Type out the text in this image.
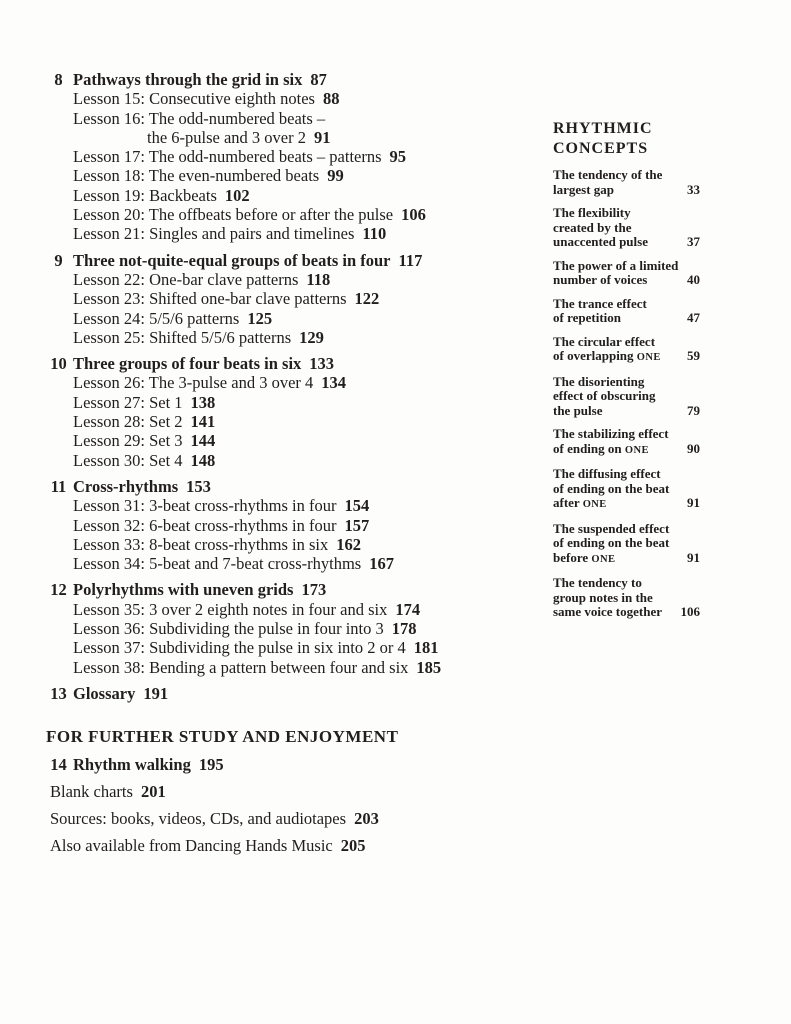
8 Pathways through the grid in six 87
Lesson 15: Consecutive eighth notes 88
Lesson 16: The odd-numbered beats –
the 6-pulse and 3 over 2 91
Lesson 17: The odd-numbered beats – patterns 95
Lesson 18: The even-numbered beats 99
Lesson 19: Backbeats 102
Lesson 20: The offbeats before or after the pulse 106
Lesson 21: Singles and pairs and timelines 110
9 Three not-quite-equal groups of beats in four 117
Lesson 22: One-bar clave patterns 118
Lesson 23: Shifted one-bar clave patterns 122
Lesson 24: 5/5/6 patterns 125
Lesson 25: Shifted 5/5/6 patterns 129
10 Three groups of four beats in six 133
Lesson 26: The 3-pulse and 3 over 4 134
Lesson 27: Set 1 138
Lesson 28: Set 2 141
Lesson 29: Set 3 144
Lesson 30: Set 4 148
11 Cross-rhythms 153
Lesson 31: 3-beat cross-rhythms in four 154
Lesson 32: 6-beat cross-rhythms in four 157
Lesson 33: 8-beat cross-rhythms in six 162
Lesson 34: 5-beat and 7-beat cross-rhythms 167
12 Polyrhythms with uneven grids 173
Lesson 35: 3 over 2 eighth notes in four and six 174
Lesson 36: Subdividing the pulse in four into 3 178
Lesson 37: Subdividing the pulse in six into 2 or 4 181
Lesson 38: Bending a pattern between four and six 185
13 Glossary 191
FOR FURTHER STUDY AND ENJOYMENT
14 Rhythm walking 195
Blank charts 201
Sources: books, videos, CDs, and audiotapes 203
Also available from Dancing Hands Music 205
RHYTHMIC
CONCEPTS
The tendency of the
largest gap	33
The flexibility
created by the
unaccented pulse	37
The power of a limited
number of voices	40
The trance effect
of repetition	47
The circular effect
of overlapping ONE 59
The disorienting
effect of obscuring
the pulse	79
The stabilizing effect
of ending on ONE	90
The diffusing effect
of ending on the beat
after ONE	91
The suspended effect
of ending on the beat
before ONE	91
The tendency to
group notes in the
same voice together 106
